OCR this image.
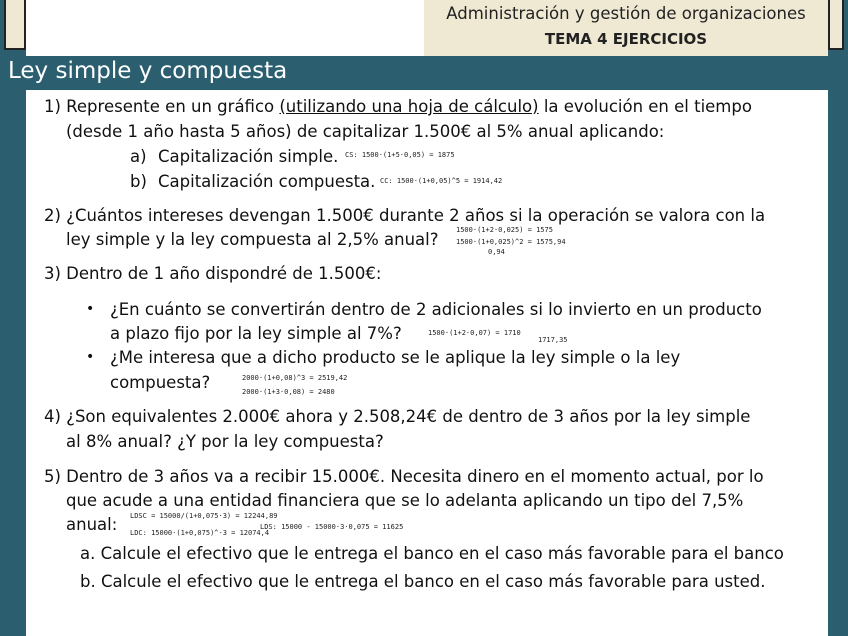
Administración y gestión de organizaciones
TEMA 4 EJERCICIOS
Ley simple y compuesta
1) Represente en un gráfico (utilizando una hoja de cálculo) la evolución en el tiempo
(desde 1 año hasta 5 años) de capitalizar 1.500€ al 5% anual aplicando:
a) Capitalización simple. CS: 1500·(1+5·0,05) = 1875
b) Capitalización compuesta. CC: 1500·(1+0,05)^5 = 1914,42
2) ¿Cuántos intereses devengan 1.500€ durante 2 años si la operación se valora con la
ley simple y la ley compuesta al 2,5% anual?	1500·(1+2·0,025) = 1575
1500·(1+0,025)^2 = 1575,94
0,94
3) Dentro de 1 año dispondré de 1.500€:
• ¿En cuánto se convertirán dentro de 2 adicionales si lo invierto en un producto
a plazo fijo por la ley simple al 7%?	1500·(1+2·0,07) = 1710
1717,35
• ¿Me interesa que a dicho producto se le aplique la ley simple o la ley
compuesta?	2000·(1+0,08)^3 = 2519,42
2000·(1+3·0,08) = 2480
4) ¿Son equivalentes 2.000€ ahora y 2.508,24€ de dentro de 3 años por la ley simple
al 8% anual? ¿Y por la ley compuesta?
5) Dentro de 3 años va a recibir 15.000€. Necesita dinero en el momento actual, por lo
que acude a una entidad financiera que se lo adelanta aplicando un tipo del 7,5%
anual: LDSC = 15000/(1+0,075·3) = 12244,89
LDC: 15000·(1+0,075)^-3 = 12074,4
LDS: 15000 - 15000·3·0,075 = 11625
a. Calcule el efectivo que le entrega el banco en el caso más favorable para el banco
b. Calcule el efectivo que le entrega el banco en el caso más favorable para usted.
